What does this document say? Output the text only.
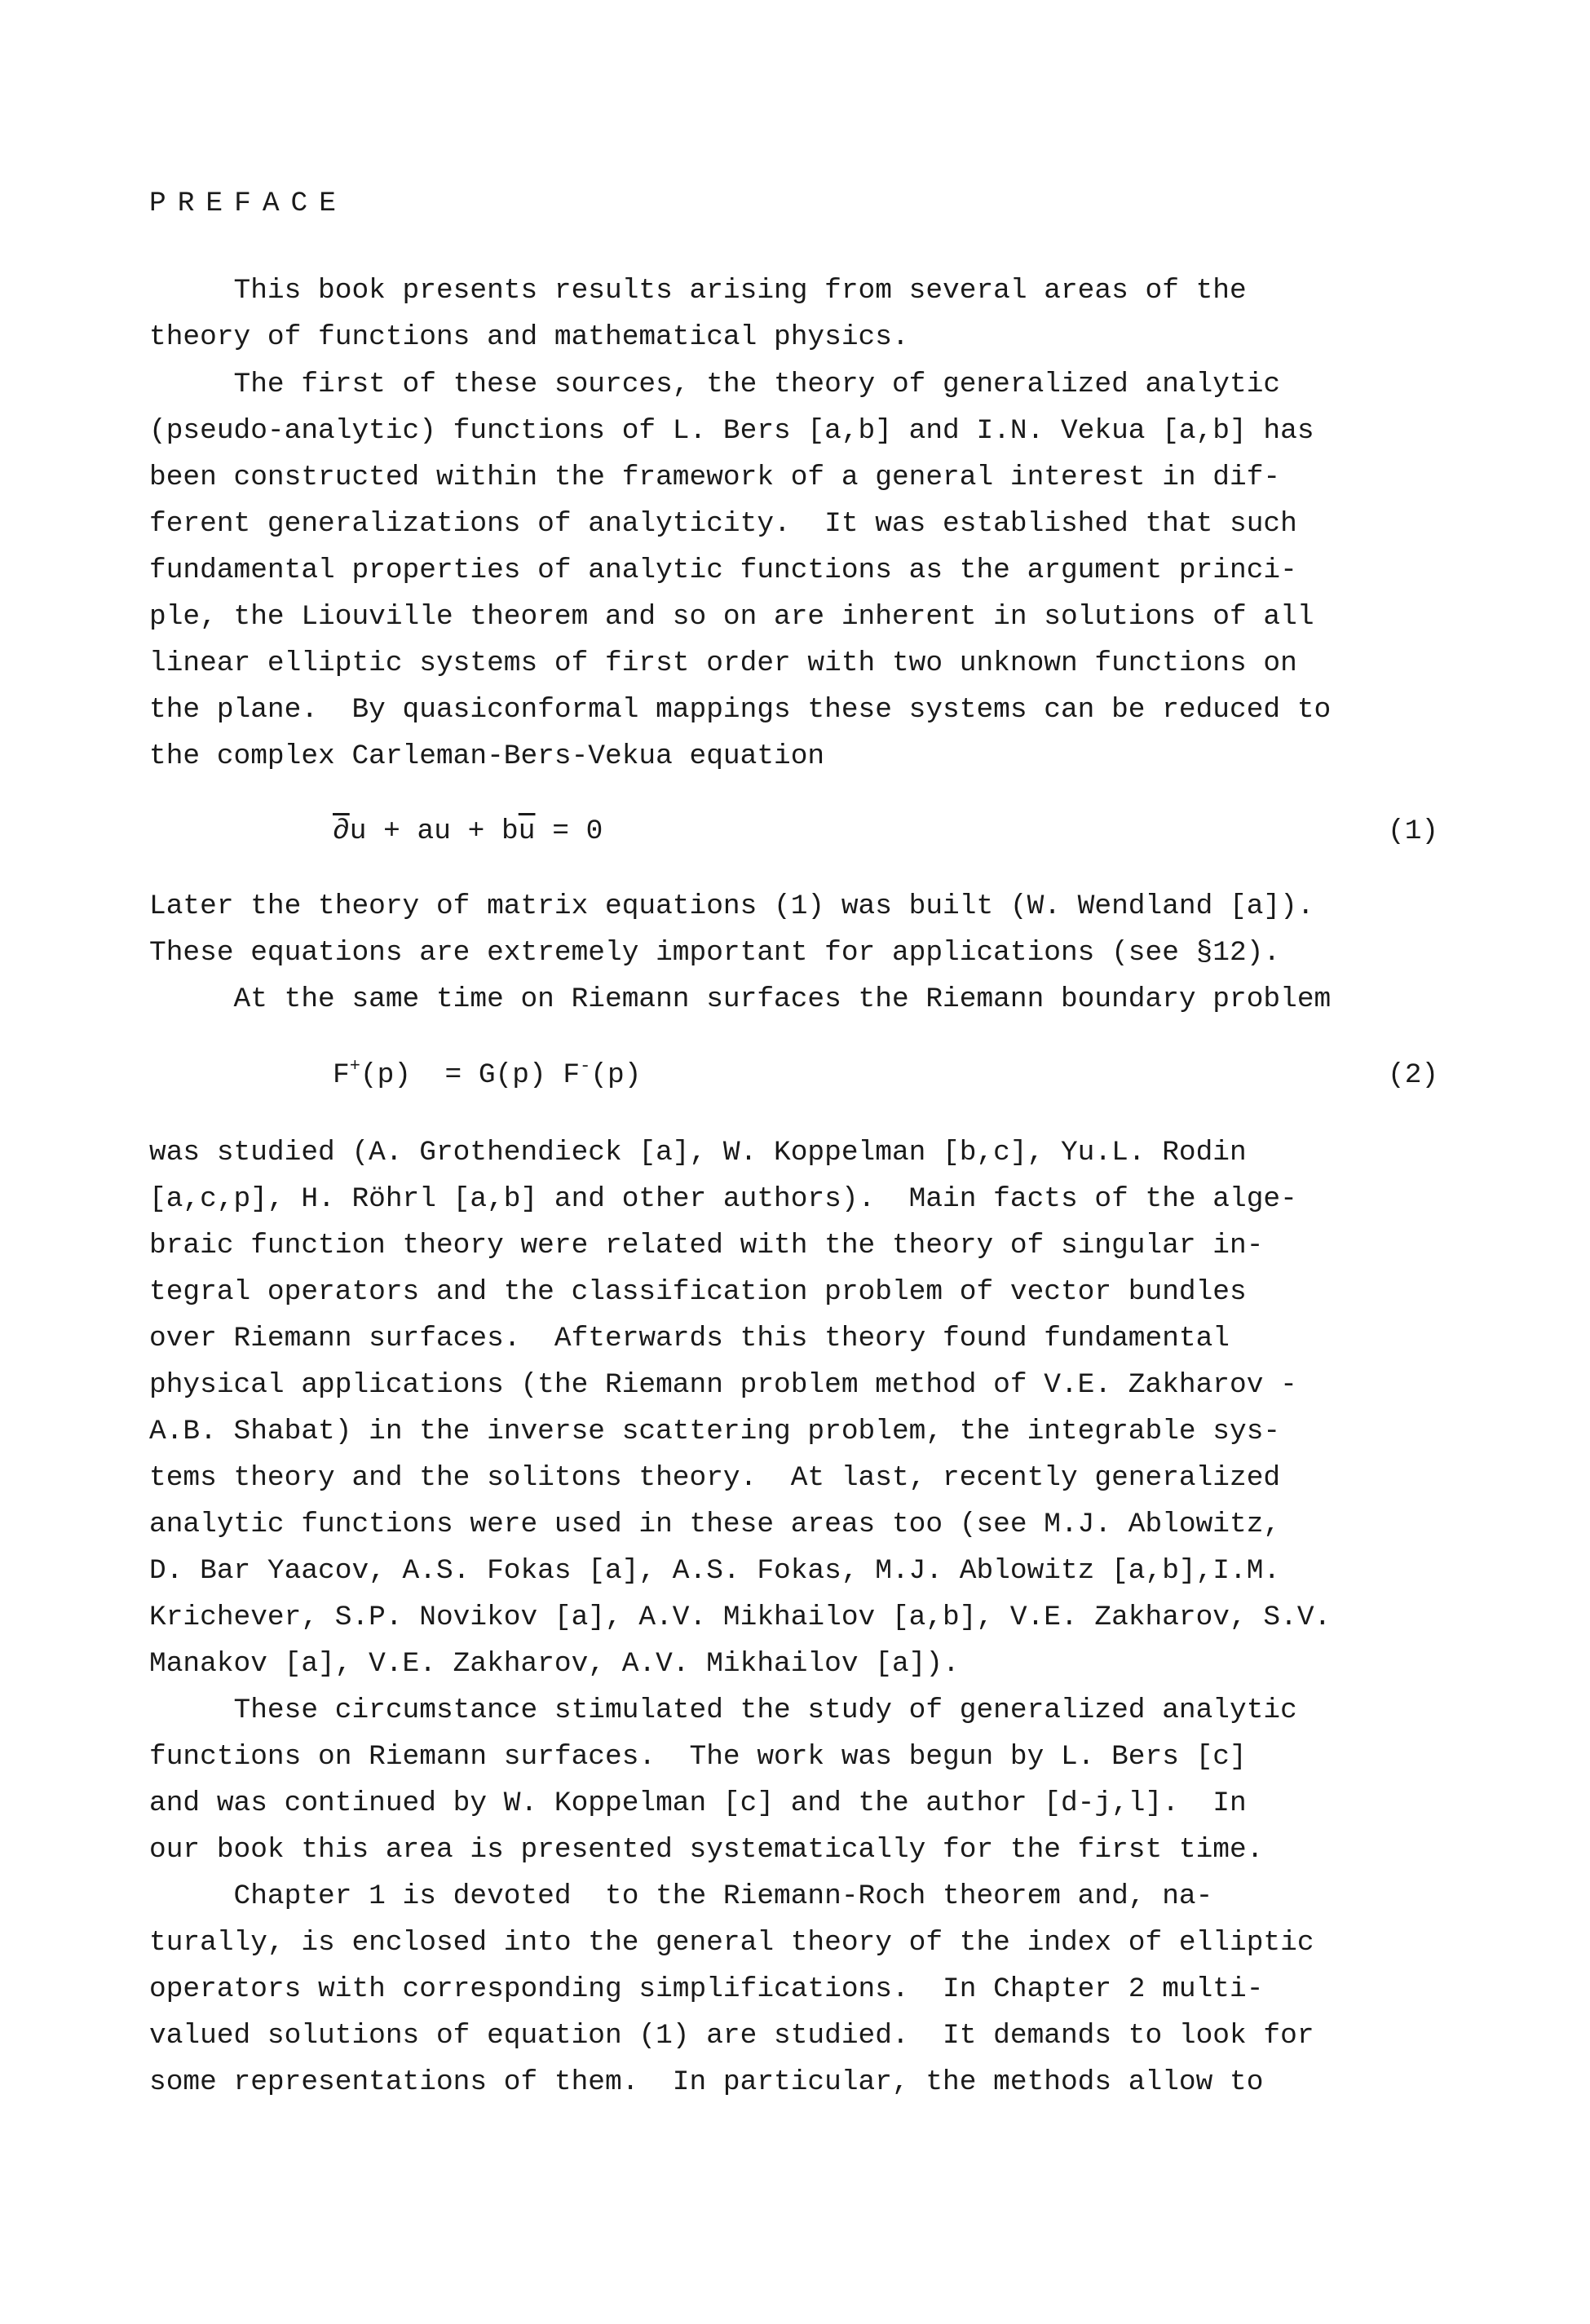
PREFACE
This book presents results arising from several areas of the
theory of functions and mathematical physics.
The first of these sources, the theory of generalized analytic
(pseudo-analytic) functions of L. Bers [a,b] and I.N. Vekua [a,b] has
been constructed within the framework of a general interest in dif-
ferent generalizations of analyticity.  It was established that such
fundamental properties of analytic functions as the argument princi-
ple, the Liouville theorem and so on are inherent in solutions of all
linear elliptic systems of first order with two unknown functions on
the plane.  By quasiconformal mappings these systems can be reduced to
the complex Carleman-Bers-Vekua equation
∂u + au + $b\overline{u} = 0$	(1)
Later the theory of matrix equations (1) was built (W. Wendland [a]).
These equations are extremely important for applications (see §12).
At the same time on Riemann surfaces the Riemann boundary problem
F+(p)  = G(p) F-(p)	(2)
was studied (A. Grothendieck [a], W. Koppelman [b,c], Yu.L. Rodin
[a,c,p], H. Röhrl [a,b] and other authors).  Main facts of the alge-
braic function theory were related with the theory of singular in-
tegral operators and the classification problem of vector bundles
over Riemann surfaces.  Afterwards this theory found fundamental
physical applications (the Riemann problem method of V.E. Zakharov -
A.B. Shabat) in the inverse scattering problem, the integrable sys-
tems theory and the solitons theory.  At last, recently generalized
analytic functions were used in these areas too (see M.J. Ablowitz,
D. Bar Yaacov, A.S. Fokas [a], A.S. Fokas, M.J. Ablowitz [a,b],I.M.
Krichever, S.P. Novikov [a], A.V. Mikhailov [a,b], V.E. Zakharov, S.V.
Manakov [a], V.E. Zakharov, A.V. Mikhailov [a]).
These circumstance stimulated the study of generalized analytic
functions on Riemann surfaces.  The work was begun by L. Bers [c]
and was continued by W. Koppelman [c] and the author [d-j,l].  In
our book this area is presented systematically for the first time.
Chapter 1 is devoted  to the Riemann-Roch theorem and, na-
turally, is enclosed into the general theory of the index of elliptic
operators with corresponding simplifications.  In Chapter 2 multi-
valued solutions of equation (1) are studied.  It demands to look for
some representations of them.  In particular, the methods allow to
